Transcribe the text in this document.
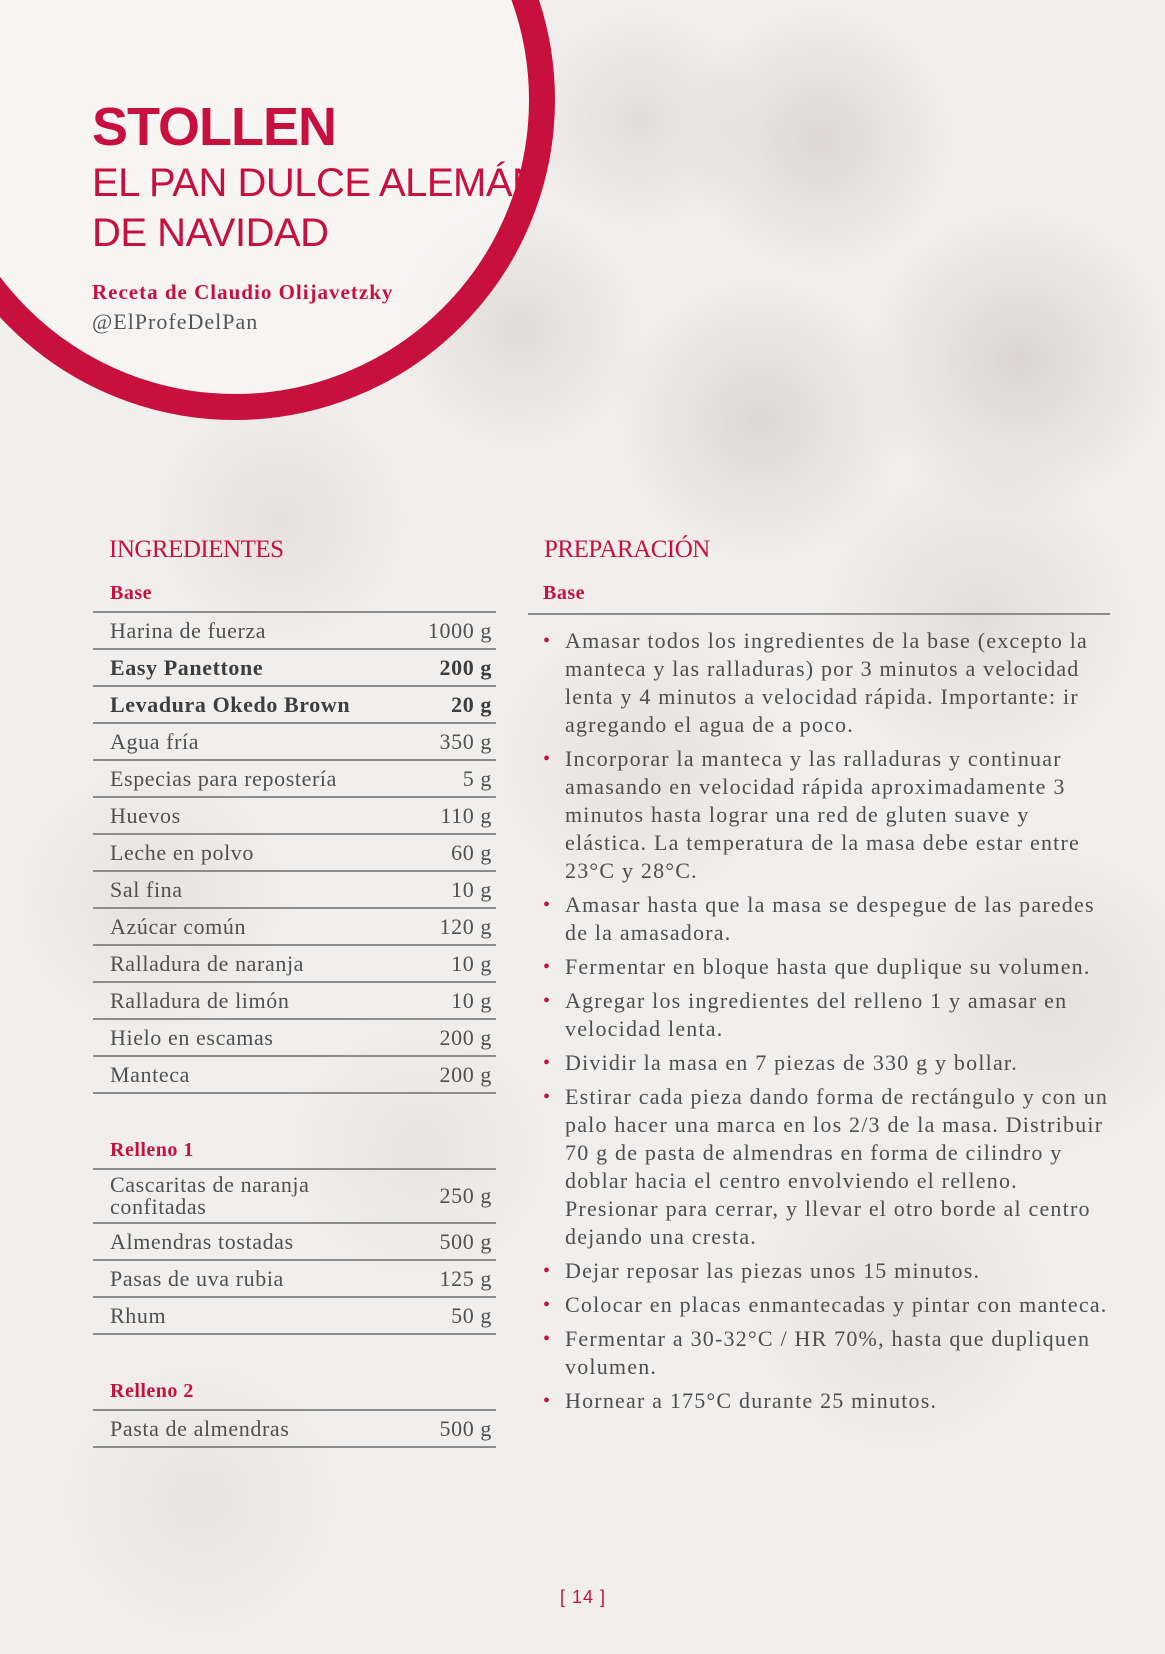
STOLLEN
EL PAN DULCE ALEMÁN
DE NAVIDAD
Receta de Claudio Olijavetzky
@ElProfeDelPan
INGREDIENTES
Base
Harina de fuerza	1000 g
Easy Panettone	200 g
Levadura Okedo Brown	20 g
Agua fría	350 g
Especias para repostería	5 g
Huevos	110 g
Leche en polvo	60 g
Sal fina	10 g
Azúcar común	120 g
Ralladura de naranja	10 g
Ralladura de limón	10 g
Hielo en escamas	200 g
Manteca	200 g
Relleno 1
Cascaritas de naranja
confitadas	250 g
Almendras tostadas	500 g
Pasas de uva rubia	125 g
Rhum	50 g
Relleno 2
Pasta de almendras	500 g
PREPARACIÓN
Base
• Amasar todos los ingredientes de la base (excepto la manteca y las ralladuras) por 3 minutos a velocidad lenta y 4 minutos a velocidad rápida. Importante: ir agregando el agua de a poco.
• Incorporar la manteca y las ralladuras y continuar amasando en velocidad rápida aproximadamente 3 minutos hasta lograr una red de gluten suave y elástica. La temperatura de la masa debe estar entre 23°C y 28°C.
• Amasar hasta que la masa se despegue de las paredes de la amasadora.
• Fermentar en bloque hasta que duplique su volumen.
• Agregar los ingredientes del relleno 1 y amasar en velocidad lenta.
• Dividir la masa en 7 piezas de 330 g y bollar.
• Estirar cada pieza dando forma de rectángulo y con un palo hacer una marca en los 2/3 de la masa. Distribuir 70 g de pasta de almendras en forma de cilindro y doblar hacia el centro envolviendo el relleno. Presionar para cerrar, y llevar el otro borde al centro dejando una cresta.
• Dejar reposar las piezas unos 15 minutos.
• Colocar en placas enmantecadas y pintar con manteca.
• Fermentar a 30-32°C / HR 70%, hasta que dupliquen volumen.
• Hornear a 175°C durante 25 minutos.
[ 14 ]
